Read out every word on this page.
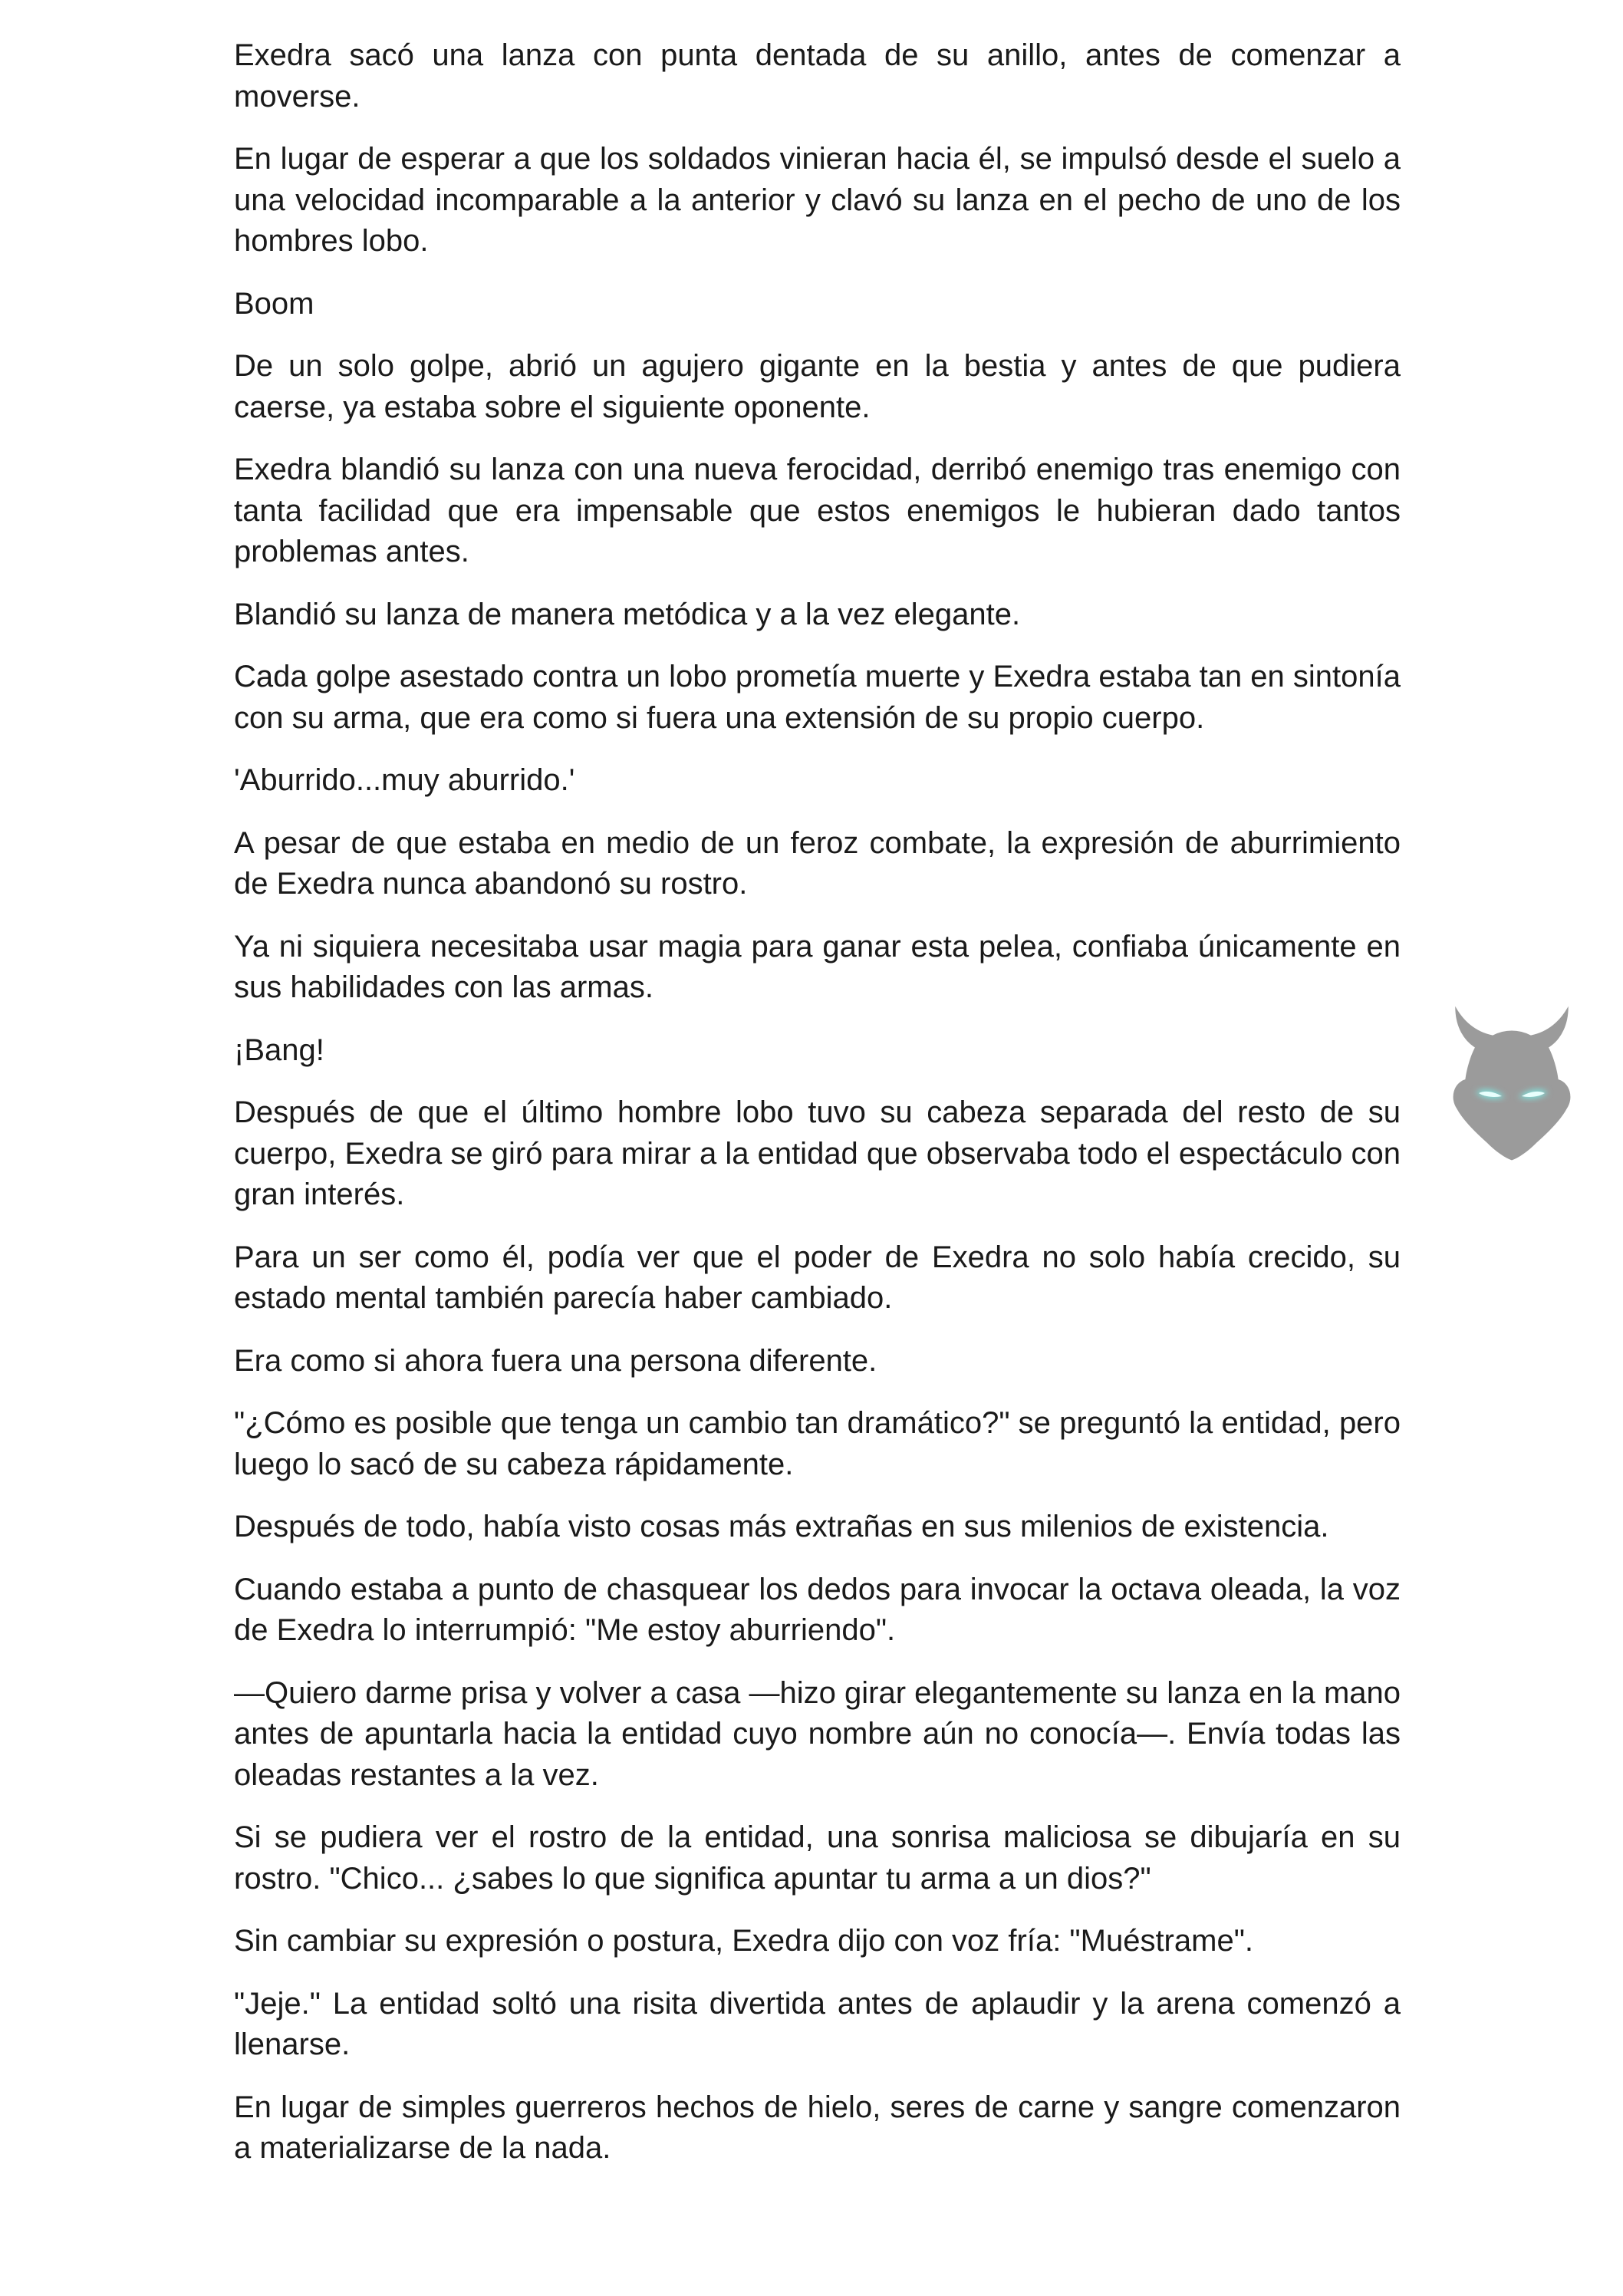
Exedra sacó una lanza con punta dentada de su anillo, antes de comenzar a moverse.

En lugar de esperar a que los soldados vinieran hacia él, se impulsó desde el suelo a una velocidad incomparable a la anterior y clavó su lanza en el pecho de uno de los hombres lobo.

Boom

De un solo golpe, abrió un agujero gigante en la bestia y antes de que pudiera caerse, ya estaba sobre el siguiente oponente.

Exedra blandió su lanza con una nueva ferocidad, derribó enemigo tras enemigo con tanta facilidad que era impensable que estos enemigos le hubieran dado tantos problemas antes.

Blandió su lanza de manera metódica y a la vez elegante.

Cada golpe asestado contra un lobo prometía muerte y Exedra estaba tan en sintonía con su arma, que era como si fuera una extensión de su propio cuerpo.

'Aburrido...muy aburrido.'

A pesar de que estaba en medio de un feroz combate, la expresión de aburrimiento de Exedra nunca abandonó su rostro.

Ya ni siquiera necesitaba usar magia para ganar esta pelea, confiaba únicamente en sus habilidades con las armas.

¡Bang!

Después de que el último hombre lobo tuvo su cabeza separada del resto de su cuerpo, Exedra se giró para mirar a la entidad que observaba todo el espectáculo con gran interés.

Para un ser como él, podía ver que el poder de Exedra no solo había crecido, su estado mental también parecía haber cambiado.

Era como si ahora fuera una persona diferente.

"¿Cómo es posible que tenga un cambio tan dramático?" se preguntó la entidad, pero luego lo sacó de su cabeza rápidamente.

Después de todo, había visto cosas más extrañas en sus milenios de existencia.

Cuando estaba a punto de chasquear los dedos para invocar la octava oleada, la voz de Exedra lo interrumpió: "Me estoy aburriendo".

—Quiero darme prisa y volver a casa —hizo girar elegantemente su lanza en la mano antes de apuntarla hacia la entidad cuyo nombre aún no conocía—. Envía todas las oleadas restantes a la vez.

Si se pudiera ver el rostro de la entidad, una sonrisa maliciosa se dibujaría en su rostro. "Chico... ¿sabes lo que significa apuntar tu arma a un dios?"

Sin cambiar su expresión o postura, Exedra dijo con voz fría: "Muéstrame".

"Jeje." La entidad soltó una risita divertida antes de aplaudir y la arena comenzó a llenarse.

En lugar de simples guerreros hechos de hielo, seres de carne y sangre comenzaron a materializarse de la nada.
